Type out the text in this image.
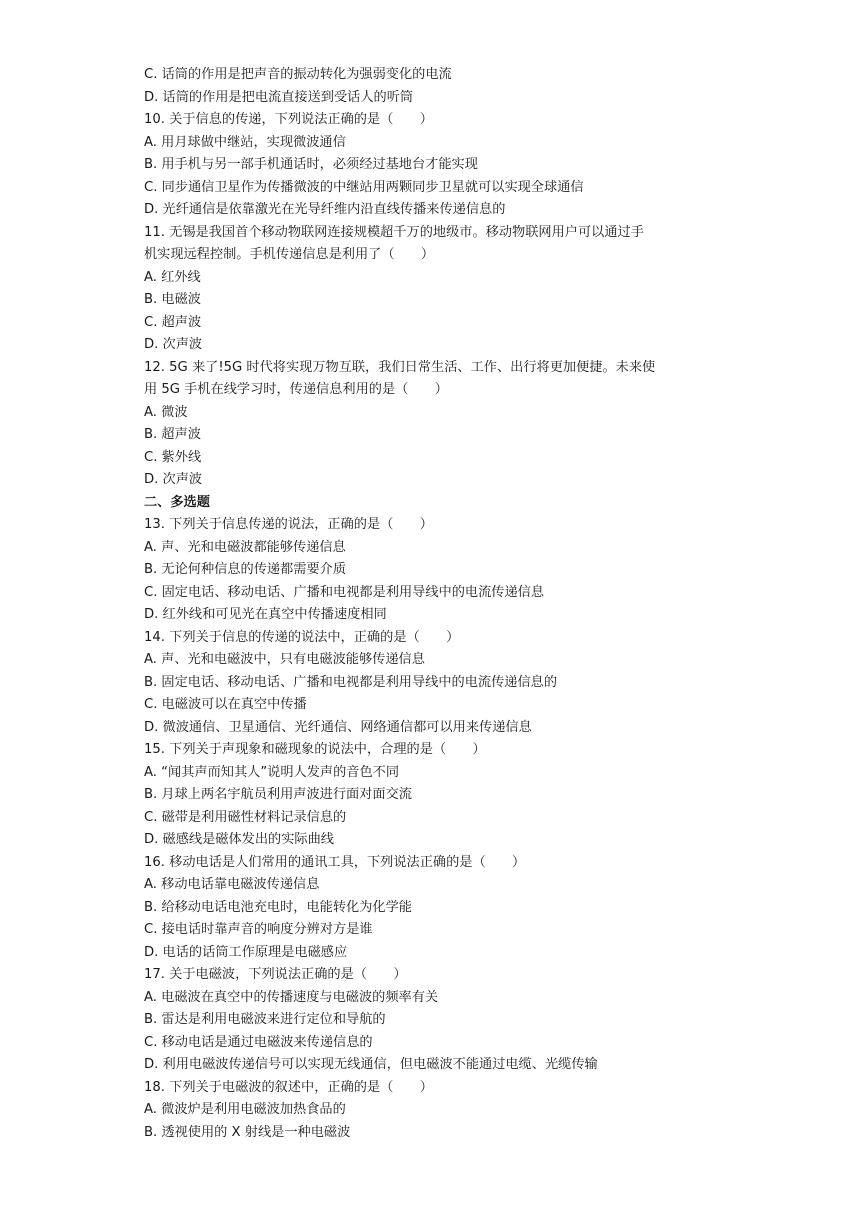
C. 话筒的作用是把声音的振动转化为强弱变化的电流
D. 话筒的作用是把电流直接送到受话人的听筒
10. 关于信息的传递，下列说法正确的是（　　）
A. 用月球做中继站，实现微波通信
B. 用手机与另一部手机通话时，必须经过基地台才能实现
C. 同步通信卫星作为传播微波的中继站用两颗同步卫星就可以实现全球通信
D. 光纤通信是依靠激光在光导纤维内沿直线传播来传递信息的
11. 无锡是我国首个移动物联网连接规模超千万的地级市。移动物联网用户可以通过手
机实现远程控制。手机传递信息是利用了（　　）
A. 红外线
B. 电磁波
C. 超声波
D. 次声波
12. 5G 来了!5G 时代将实现万物互联，我们日常生活、工作、出行将更加便捷。未来使
用 5G 手机在线学习时，传递信息利用的是（　　）
A. 微波
B. 超声波
C. 紫外线
D. 次声波
二、多选题
13. 下列关于信息传递的说法，正确的是（　　）
A. 声、光和电磁波都能够传递信息
B. 无论何种信息的传递都需要介质
C. 固定电话、移动电话、广播和电视都是利用导线中的电流传递信息
D. 红外线和可见光在真空中传播速度相同
14. 下列关于信息的传递的说法中，正确的是（　　）
A. 声、光和电磁波中，只有电磁波能够传递信息
B. 固定电话、移动电话、广播和电视都是利用导线中的电流传递信息的
C. 电磁波可以在真空中传播
D. 微波通信、卫星通信、光纤通信、网络通信都可以用来传递信息
15. 下列关于声现象和磁现象的说法中，合理的是（　　）
A. “闻其声而知其人”说明人发声的音色不同
B. 月球上两名宇航员利用声波进行面对面交流
C. 磁带是利用磁性材料记录信息的
D. 磁感线是磁体发出的实际曲线
16. 移动电话是人们常用的通讯工具，下列说法正确的是（　　）
A. 移动电话靠电磁波传递信息
B. 给移动电话电池充电时，电能转化为化学能
C. 接电话时靠声音的响度分辨对方是谁
D. 电话的话筒工作原理是电磁感应
17. 关于电磁波，下列说法正确的是（　　）
A. 电磁波在真空中的传播速度与电磁波的频率有关
B. 雷达是利用电磁波来进行定位和导航的
C. 移动电话是通过电磁波来传递信息的
D. 利用电磁波传递信号可以实现无线通信，但电磁波不能通过电缆、光缆传输
18. 下列关于电磁波的叙述中，正确的是（　　）
A. 微波炉是利用电磁波加热食品的
B. 透视使用的 X 射线是一种电磁波
